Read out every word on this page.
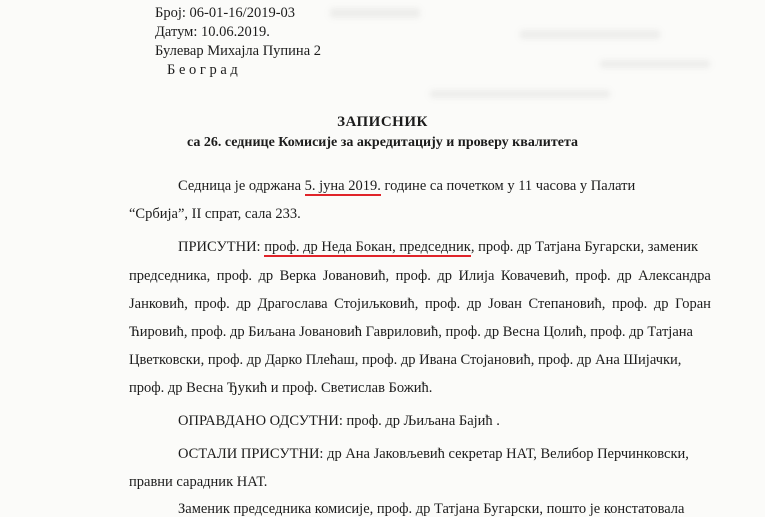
Број: 06-01-16/2019-03
Датум: 10.06.2019.
Булевар Михајла Пупина 2
Б е о г р а д
ЗАПИСНИК
са 26. седнице Комисије за акредитацију и проверу квалитета
Седница је одржана 5. јуна 2019. године са почетком у 11 часова у Палати
“Србија”, II спрат, сала 233.
ПРИСУТНИ: проф. др Неда Бокан, председник, проф. др Татјана Бугарски, заменик
председника, проф. др Верка Јовановић, проф. др Илија Ковачевић, проф. др Александра
Јанковић, проф. др Драгослава Стојиљковић, проф. др Јован Степановић, проф. др Горан
Ћировић, проф. др Биљана Јовановић Гавриловић, проф. др Весна Цолић, проф. др Татјана
Цветковски, проф. др Дарко Плећаш, проф. др Ивана Стојановић, проф. др Ана Шијачки,
проф. др Весна Ђукић и проф. Светислав Божић.
ОПРАВДАНО ОДСУТНИ: проф. др Љиљана Бајић .
ОСТАЛИ ПРИСУТНИ: др Ана Јаковљевић секретар НАТ, Велибор Перчинковски,
правни сарадник НАТ.
Заменик председника комисије, проф. др Татјана Бугарски, пошто је констатовала
